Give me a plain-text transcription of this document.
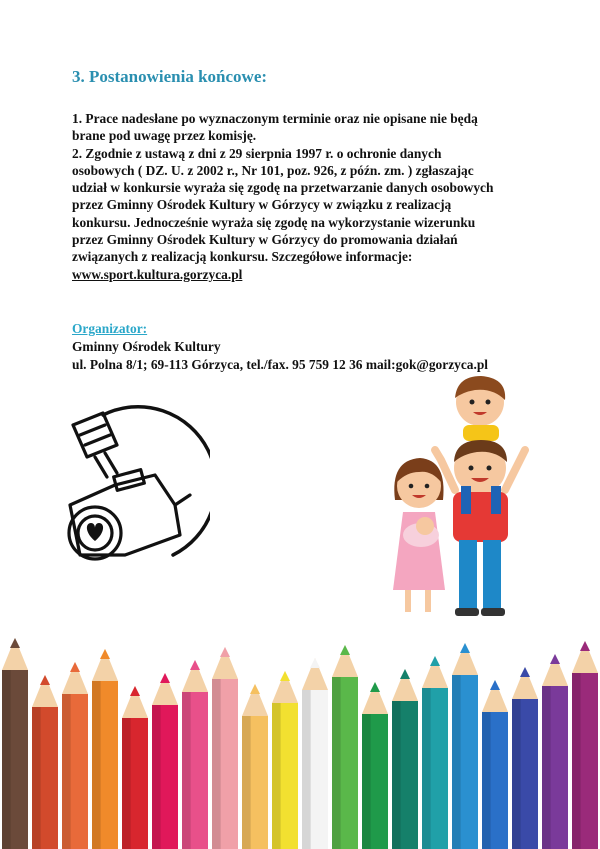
3. Postanowienia końcowe:

1. Prace nadesłane po wyznaczonym terminie oraz nie opisane nie będą

brane pod uwagę przez komisję.

2. Zgodnie z ustawą z dni z 29 sierpnia 1997 r. o ochronie danych

osobowych ( DZ. U. z 2002 r., Nr 101, poz. 926, z późn. zm. ) zgłaszając

udział w konkursie wyraża się zgodę na przetwarzanie danych osobowych

przez Gminny Ośrodek Kultury w Górzycy w związku z realizacją

konkursu. Jednocześnie wyraża się zgodę na wykorzystanie wizerunku

przez Gminny Ośrodek Kultury w Górzycy do promowania działań

związanych z realizacją konkursu. Szczegółowe informacje:

www.sport.kultura.gorzyca.pl

Organizator:
Gminny Ośrodek Kultury
ul. Polna 8/1; 69-113 Górzyca, tel./fax. 95 759 12 36 mail:gok@gorzyca.pl
